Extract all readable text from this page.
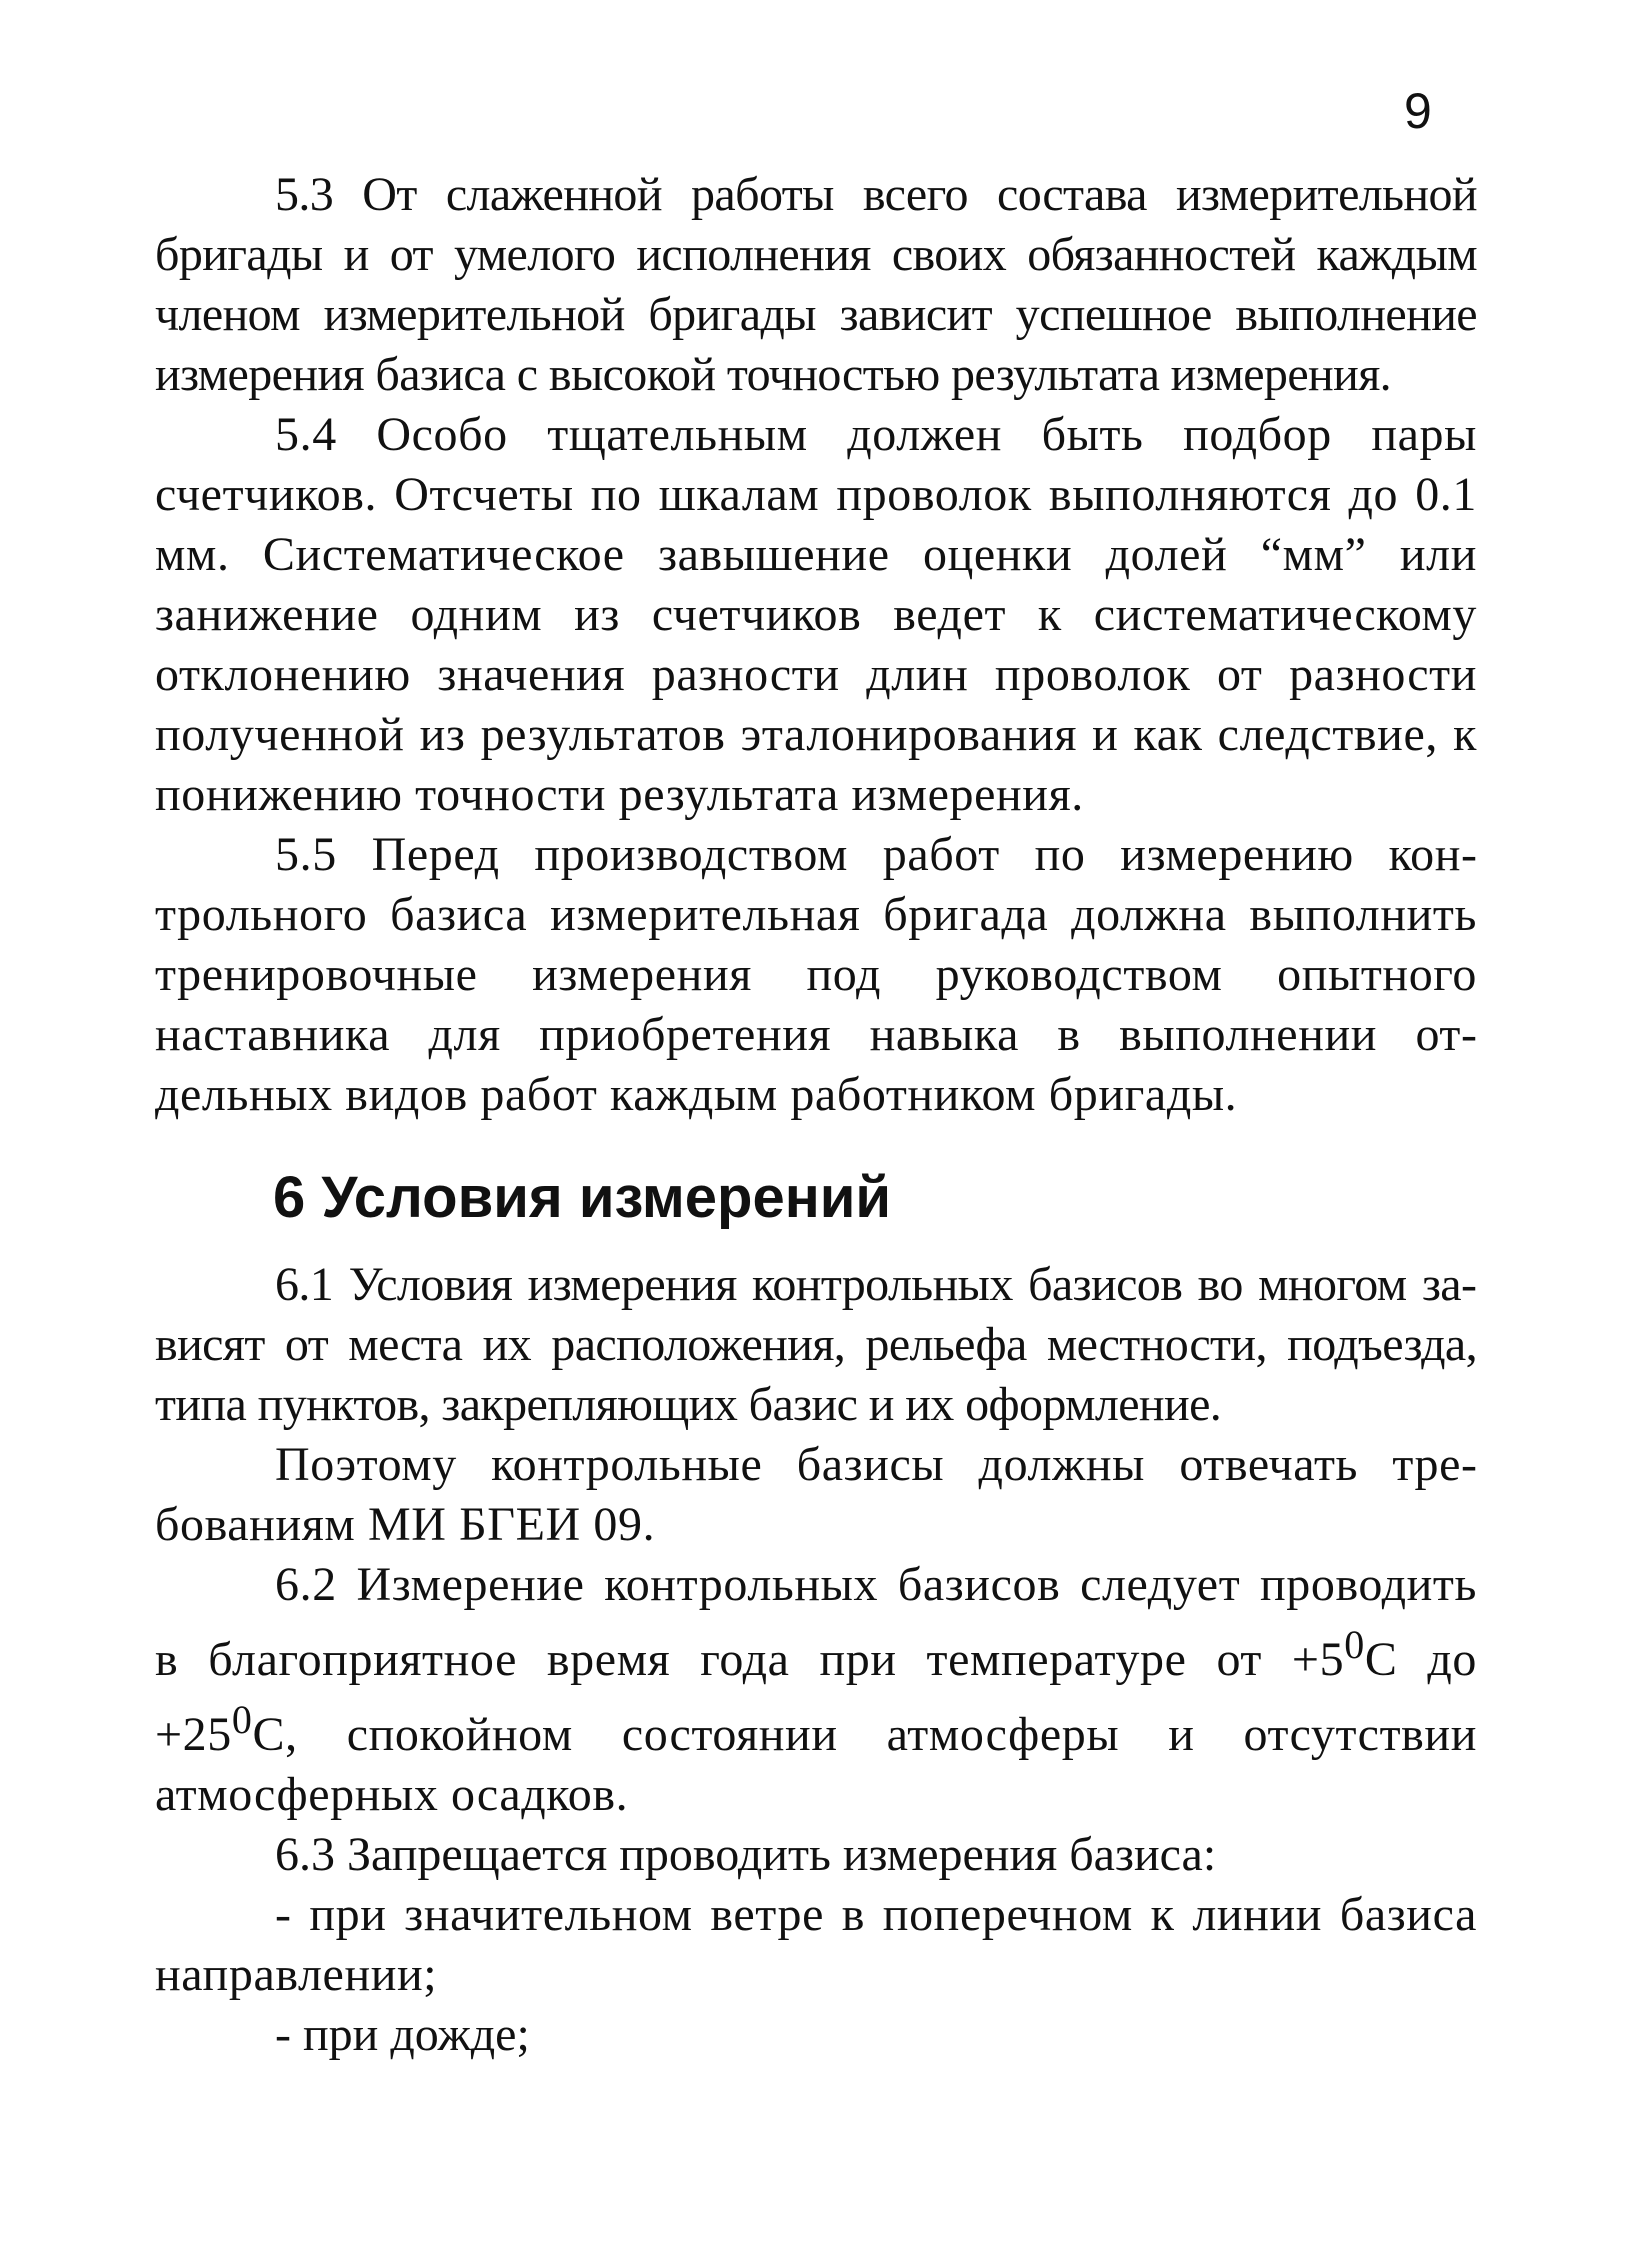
9

5.3 От слаженной работы всего состава измерительной бригады и от умелого исполнения своих обязанностей каждым членом измерительной бригады зависит успешное выполнение измерения базиса с высокой точностью результата измерения.

5.4 Особо тщательным должен быть подбор пары счетчиков. Отсчеты по шкалам проволок выполняются до 0.1 мм. Систематическое завышение оценки долей “мм” или занижение одним из счетчиков ведет к систематическому отклонению значения разности длин проволок от разности полученной из результатов эталонирования и как следствие, к понижению точности результата измерения.

5.5 Перед производством работ по измерению контрольного базиса измерительная бригада должна выполнить тренировочные измерения под руководством опытного наставника для приобретения навыка в выполнении отдельных видов работ каждым работником бригады.

6 Условия измерений

6.1 Условия измерения контрольных базисов во многом зависят от места их расположения, рельефа местности, подъезда, типа пунктов, закрепляющих базис и их оформление.

Поэтому контрольные базисы должны отвечать требованиям МИ БГЕИ 09.

6.2 Измерение контрольных базисов следует проводить в благоприятное время года при температуре от $+5^0С$ до $+25^0С$, спокойном состоянии атмосферы и отсутствии атмосферных осадков.

6.3 Запрещается проводить измерения базиса:

- при значительном ветре в поперечном к линии базиса направлении;

- при дожде;
